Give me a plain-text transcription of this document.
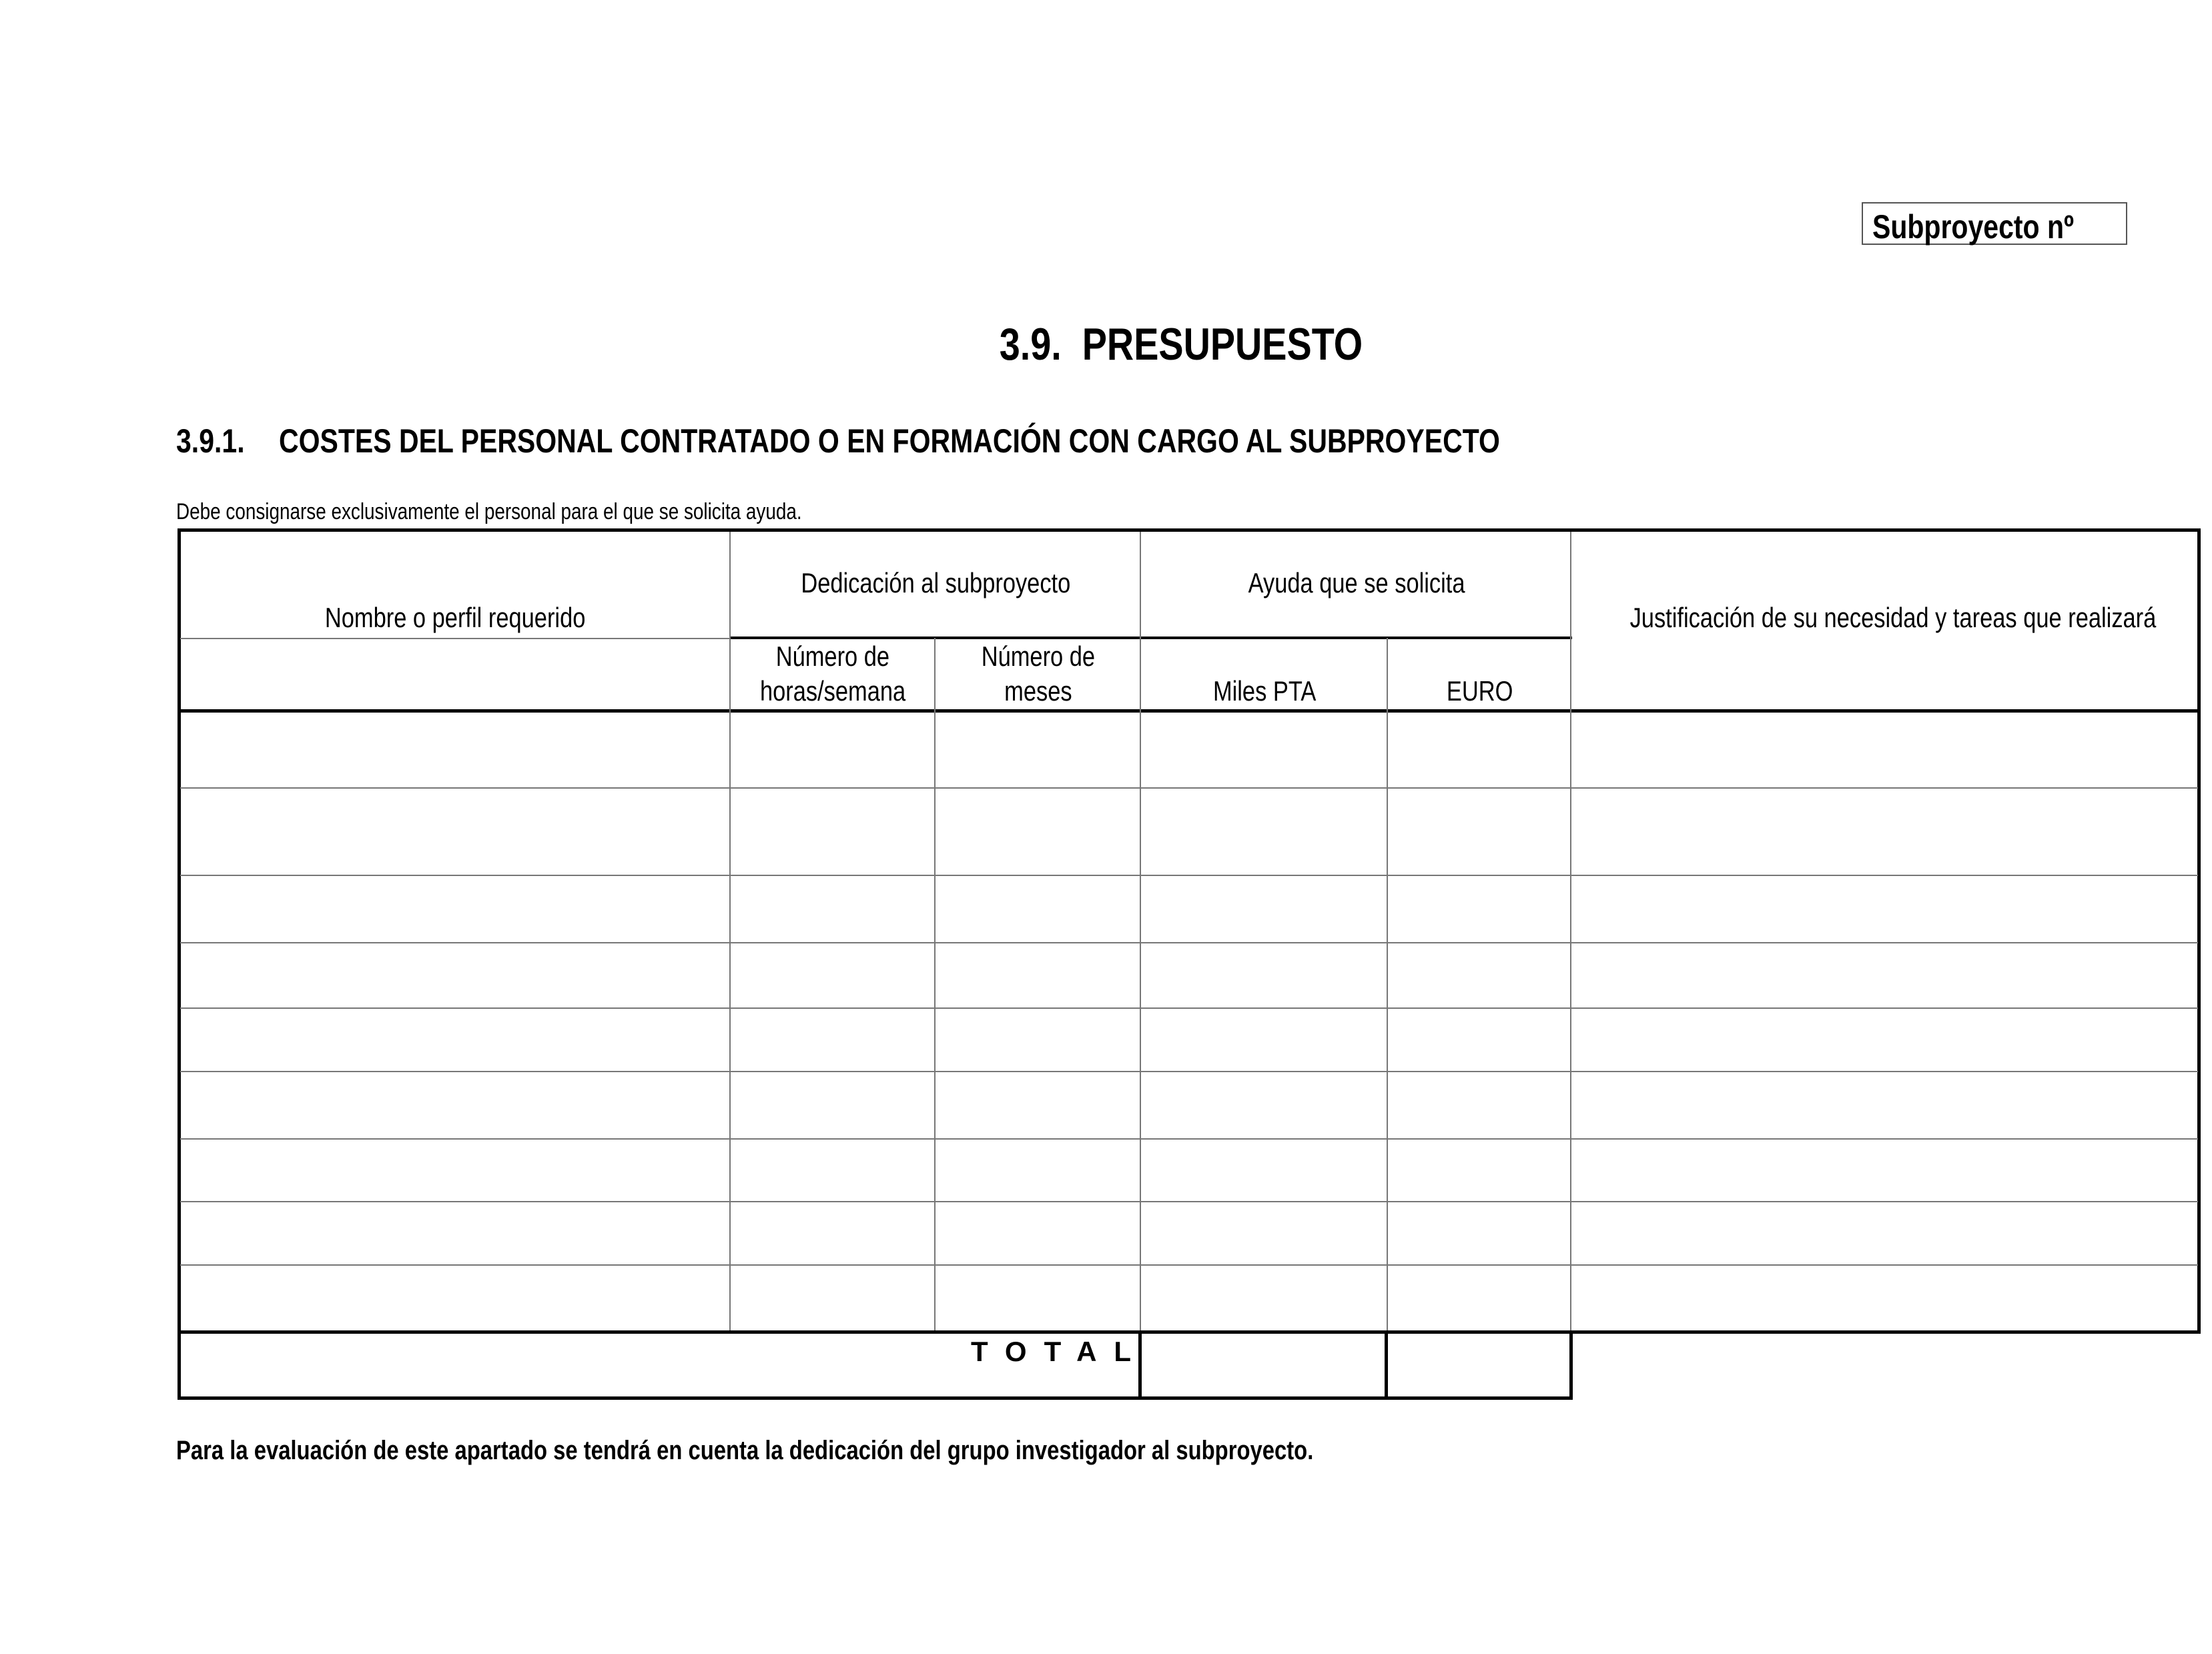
Subproyecto nº
3.9.  PRESUPUESTO
3.9.1.	COSTES DEL PERSONAL CONTRATADO O EN FORMACIÓN CON CARGO AL SUBPROYECTO
Debe consignarse exclusivamente el personal para el que se solicita ayuda.
Nombre o perfil requerido
Dedicación al subproyecto
Número de
horas/semana
Número de
meses
Ayuda que se solicita
Miles PTA	EURO
Justificación de su necesidad y tareas que realizará
TOTAL
Para la evaluación de este apartado se tendrá en cuenta la dedicación del grupo investigador al subproyecto.
